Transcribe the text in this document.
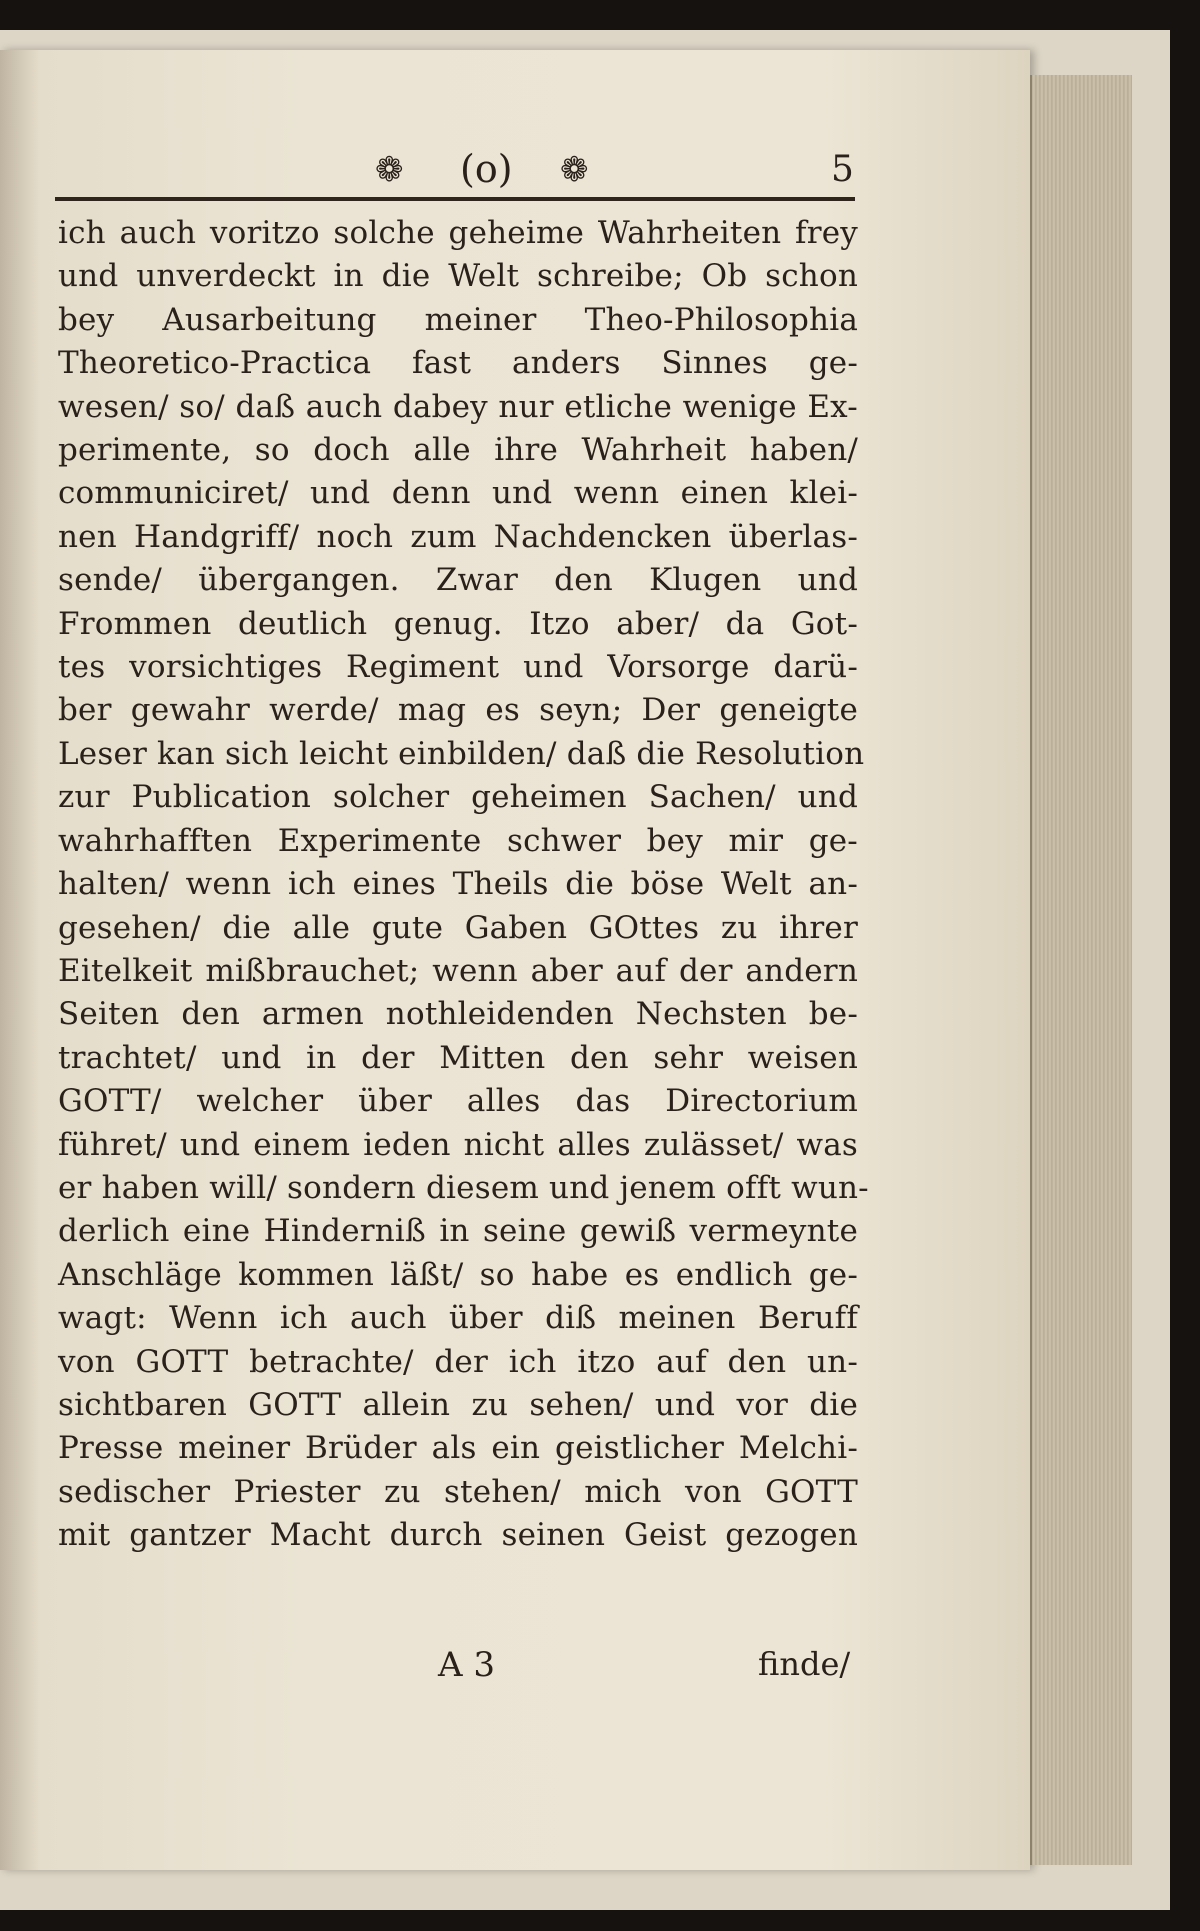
❁ (o) ❁	5
ich auch voritzo solche geheime Wahrheiten frey
und unverdeckt in die Welt schreibe; Ob schon
bey Ausarbeitung meiner Theo-Philosophia
Theoretico-Practica fast anders Sinnes ge-
wesen/ so/ daß auch dabey nur etliche wenige Ex-
perimente, so doch alle ihre Wahrheit haben/
communiciret/ und denn und wenn einen klei-
nen Handgriff/ noch zum Nachdencken überlas-
sende/ übergangen. Zwar den Klugen und
Frommen deutlich genug. Itzo aber/ da Got-
tes vorsichtiges Regiment und Vorsorge darü-
ber gewahr werde/ mag es seyn; Der geneigte
Leser kan sich leicht einbilden/ daß die Resolution
zur Publication solcher geheimen Sachen/ und
wahrhafften Experimente schwer bey mir ge-
halten/ wenn ich eines Theils die böse Welt an-
gesehen/ die alle gute Gaben GOttes zu ihrer
Eitelkeit mißbrauchet; wenn aber auf der andern
Seiten den armen nothleidenden Nechsten be-
trachtet/ und in der Mitten den sehr weisen
GOTT/ welcher über alles das Directorium
führet/ und einem ieden nicht alles zulässet/ was
er haben will/ sondern diesem und jenem offt wun-
derlich eine Hinderniß in seine gewiß vermeynte
Anschläge kommen läßt/ so habe es endlich ge-
wagt: Wenn ich auch über diß meinen Beruff
von GOTT betrachte/ der ich itzo auf den un-
sichtbaren GOTT allein zu sehen/ und vor die
Presse meiner Brüder als ein geistlicher Melchi-
sedischer Priester zu stehen/ mich von GOTT
mit gantzer Macht durch seinen Geist gezogen
A 3	finde/
